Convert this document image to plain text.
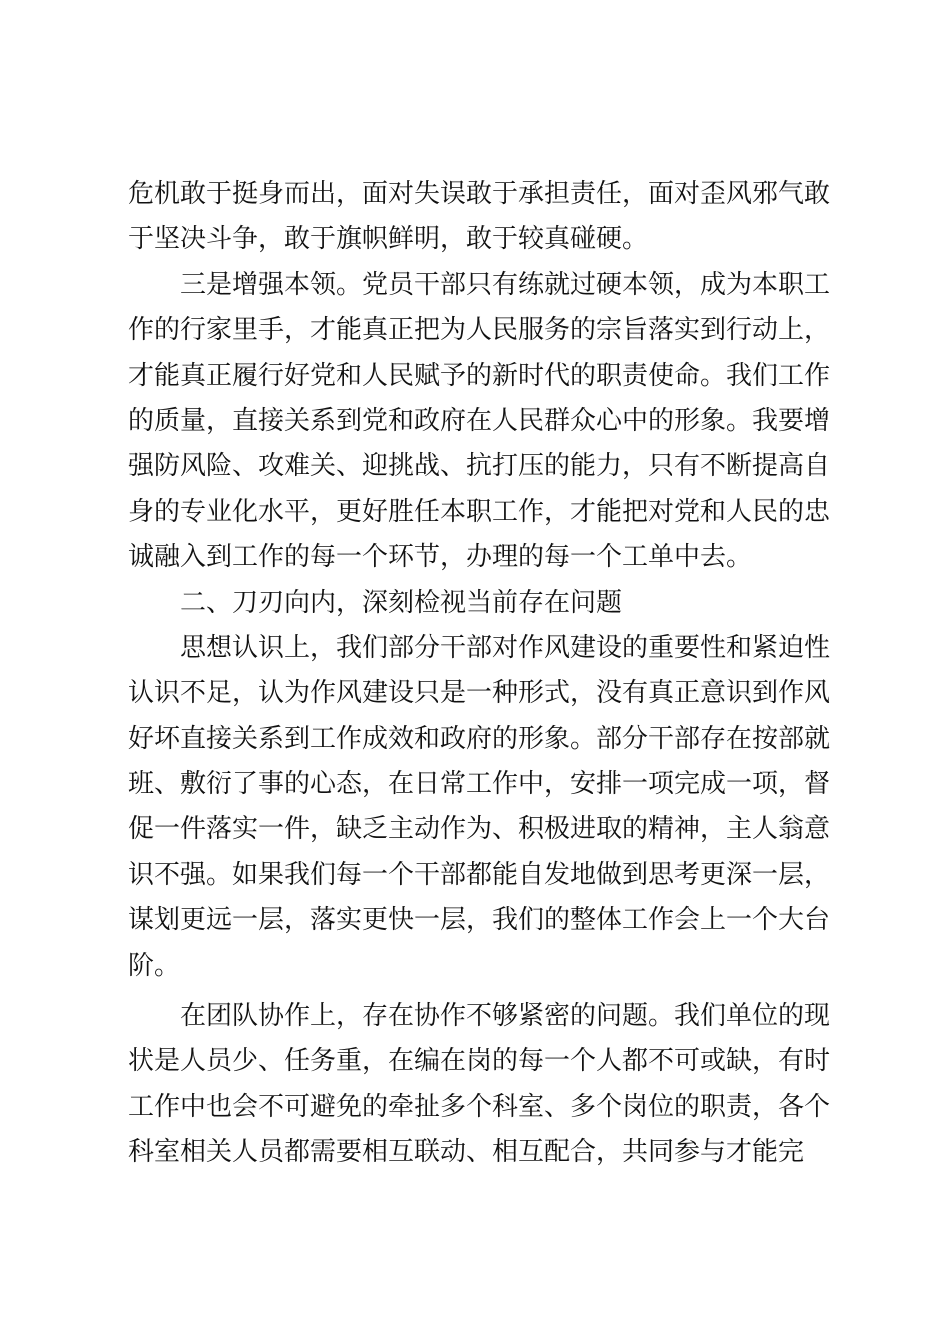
危机敢于挺身而出，面对失误敢于承担责任，面对歪风邪气敢
于坚决斗争，敢于旗帜鲜明，敢于较真碰硬。
三是增强本领。党员干部只有练就过硬本领，成为本职工
作的行家里手，才能真正把为人民服务的宗旨落实到行动上，
才能真正履行好党和人民赋予的新时代的职责使命。我们工作
的质量，直接关系到党和政府在人民群众心中的形象。我要增
强防风险、攻难关、迎挑战、抗打压的能力，只有不断提高自
身的专业化水平，更好胜任本职工作，才能把对党和人民的忠
诚融入到工作的每一个环节，办理的每一个工单中去。
二、刀刃向内，深刻检视当前存在问题
思想认识上，我们部分干部对作风建设的重要性和紧迫性
认识不足，认为作风建设只是一种形式，没有真正意识到作风
好坏直接关系到工作成效和政府的形象。部分干部存在按部就
班、敷衍了事的心态，在日常工作中，安排一项完成一项，督
促一件落实一件，缺乏主动作为、积极进取的精神，主人翁意
识不强。如果我们每一个干部都能自发地做到思考更深一层，
谋划更远一层，落实更快一层，我们的整体工作会上一个大台
阶。
在团队协作上，存在协作不够紧密的问题。我们单位的现
状是人员少、任务重，在编在岗的每一个人都不可或缺，有时
工作中也会不可避免的牵扯多个科室、多个岗位的职责，各个
科室相关人员都需要相互联动、相互配合，共同参与才能完
